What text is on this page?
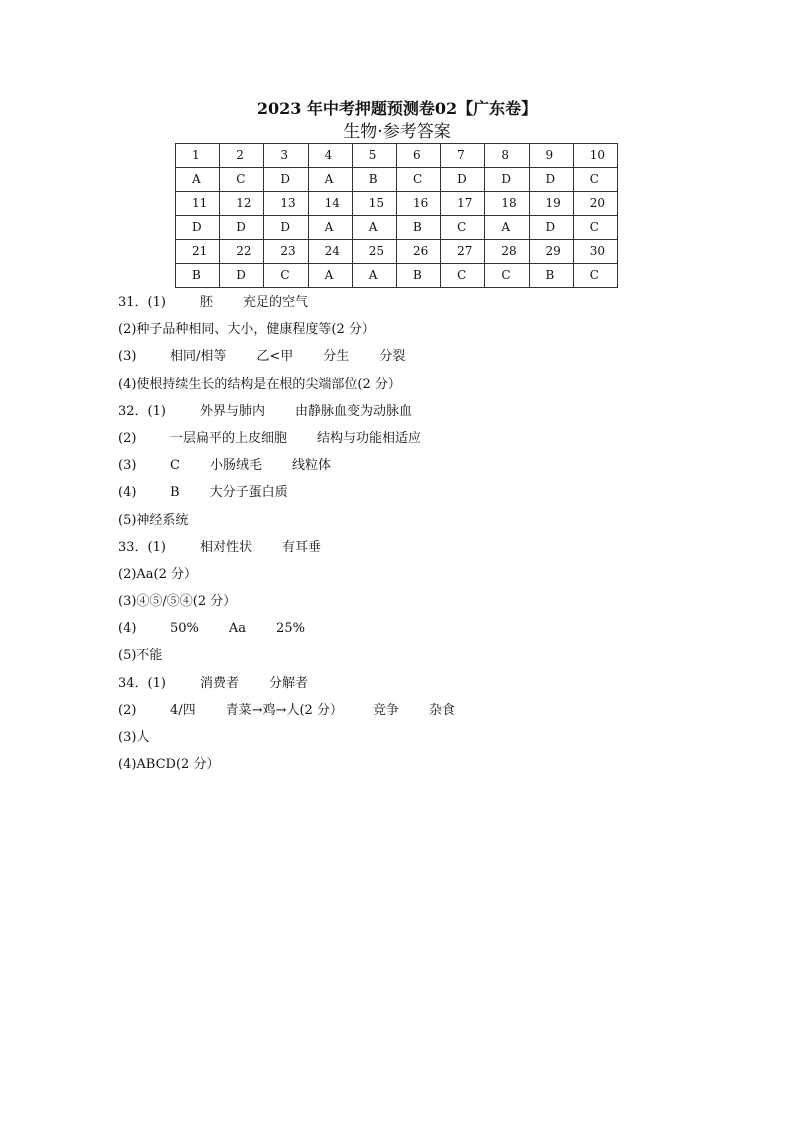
2023 年中考押题预测卷02【广东卷】
生物·参考答案
1	2	3	4	5	6	7	8	9	10
A	C	D	A	B	C	D	D	D	C
11	12	13	14	15	16	17	18	19	20
D	D	D	A	A	B	C	A	D	C
21	22	23	24	25	26	27	28	29	30
B	D	C	A	A	B	C	C	B	C
31．(1)	胚 充足的空气
(2)种子品种相同、大小，健康程度等(2 分）
(3)	相同/相等 乙<甲 分生 分裂
(4)使根持续生长的结构是在根的尖端部位(2 分）
32．(1)	外界与肺内 由静脉血变为动脉血
(2)	一层扁平的上皮细胞 结构与功能相适应
(3)	C 小肠绒毛 线粒体
(4)	B 大分子蛋白质
(5)神经系统
33．(1)	相对性状 有耳垂
(2)Aa(2 分）
(3)④⑤/⑤④(2 分）
(4)	50% Aa 25%
(5)不能
34．(1)	消费者 分解者
(2)	4/四 青菜→鸡→人(2 分） 竞争 杂食
(3)人
(4)ABCD(2 分）
